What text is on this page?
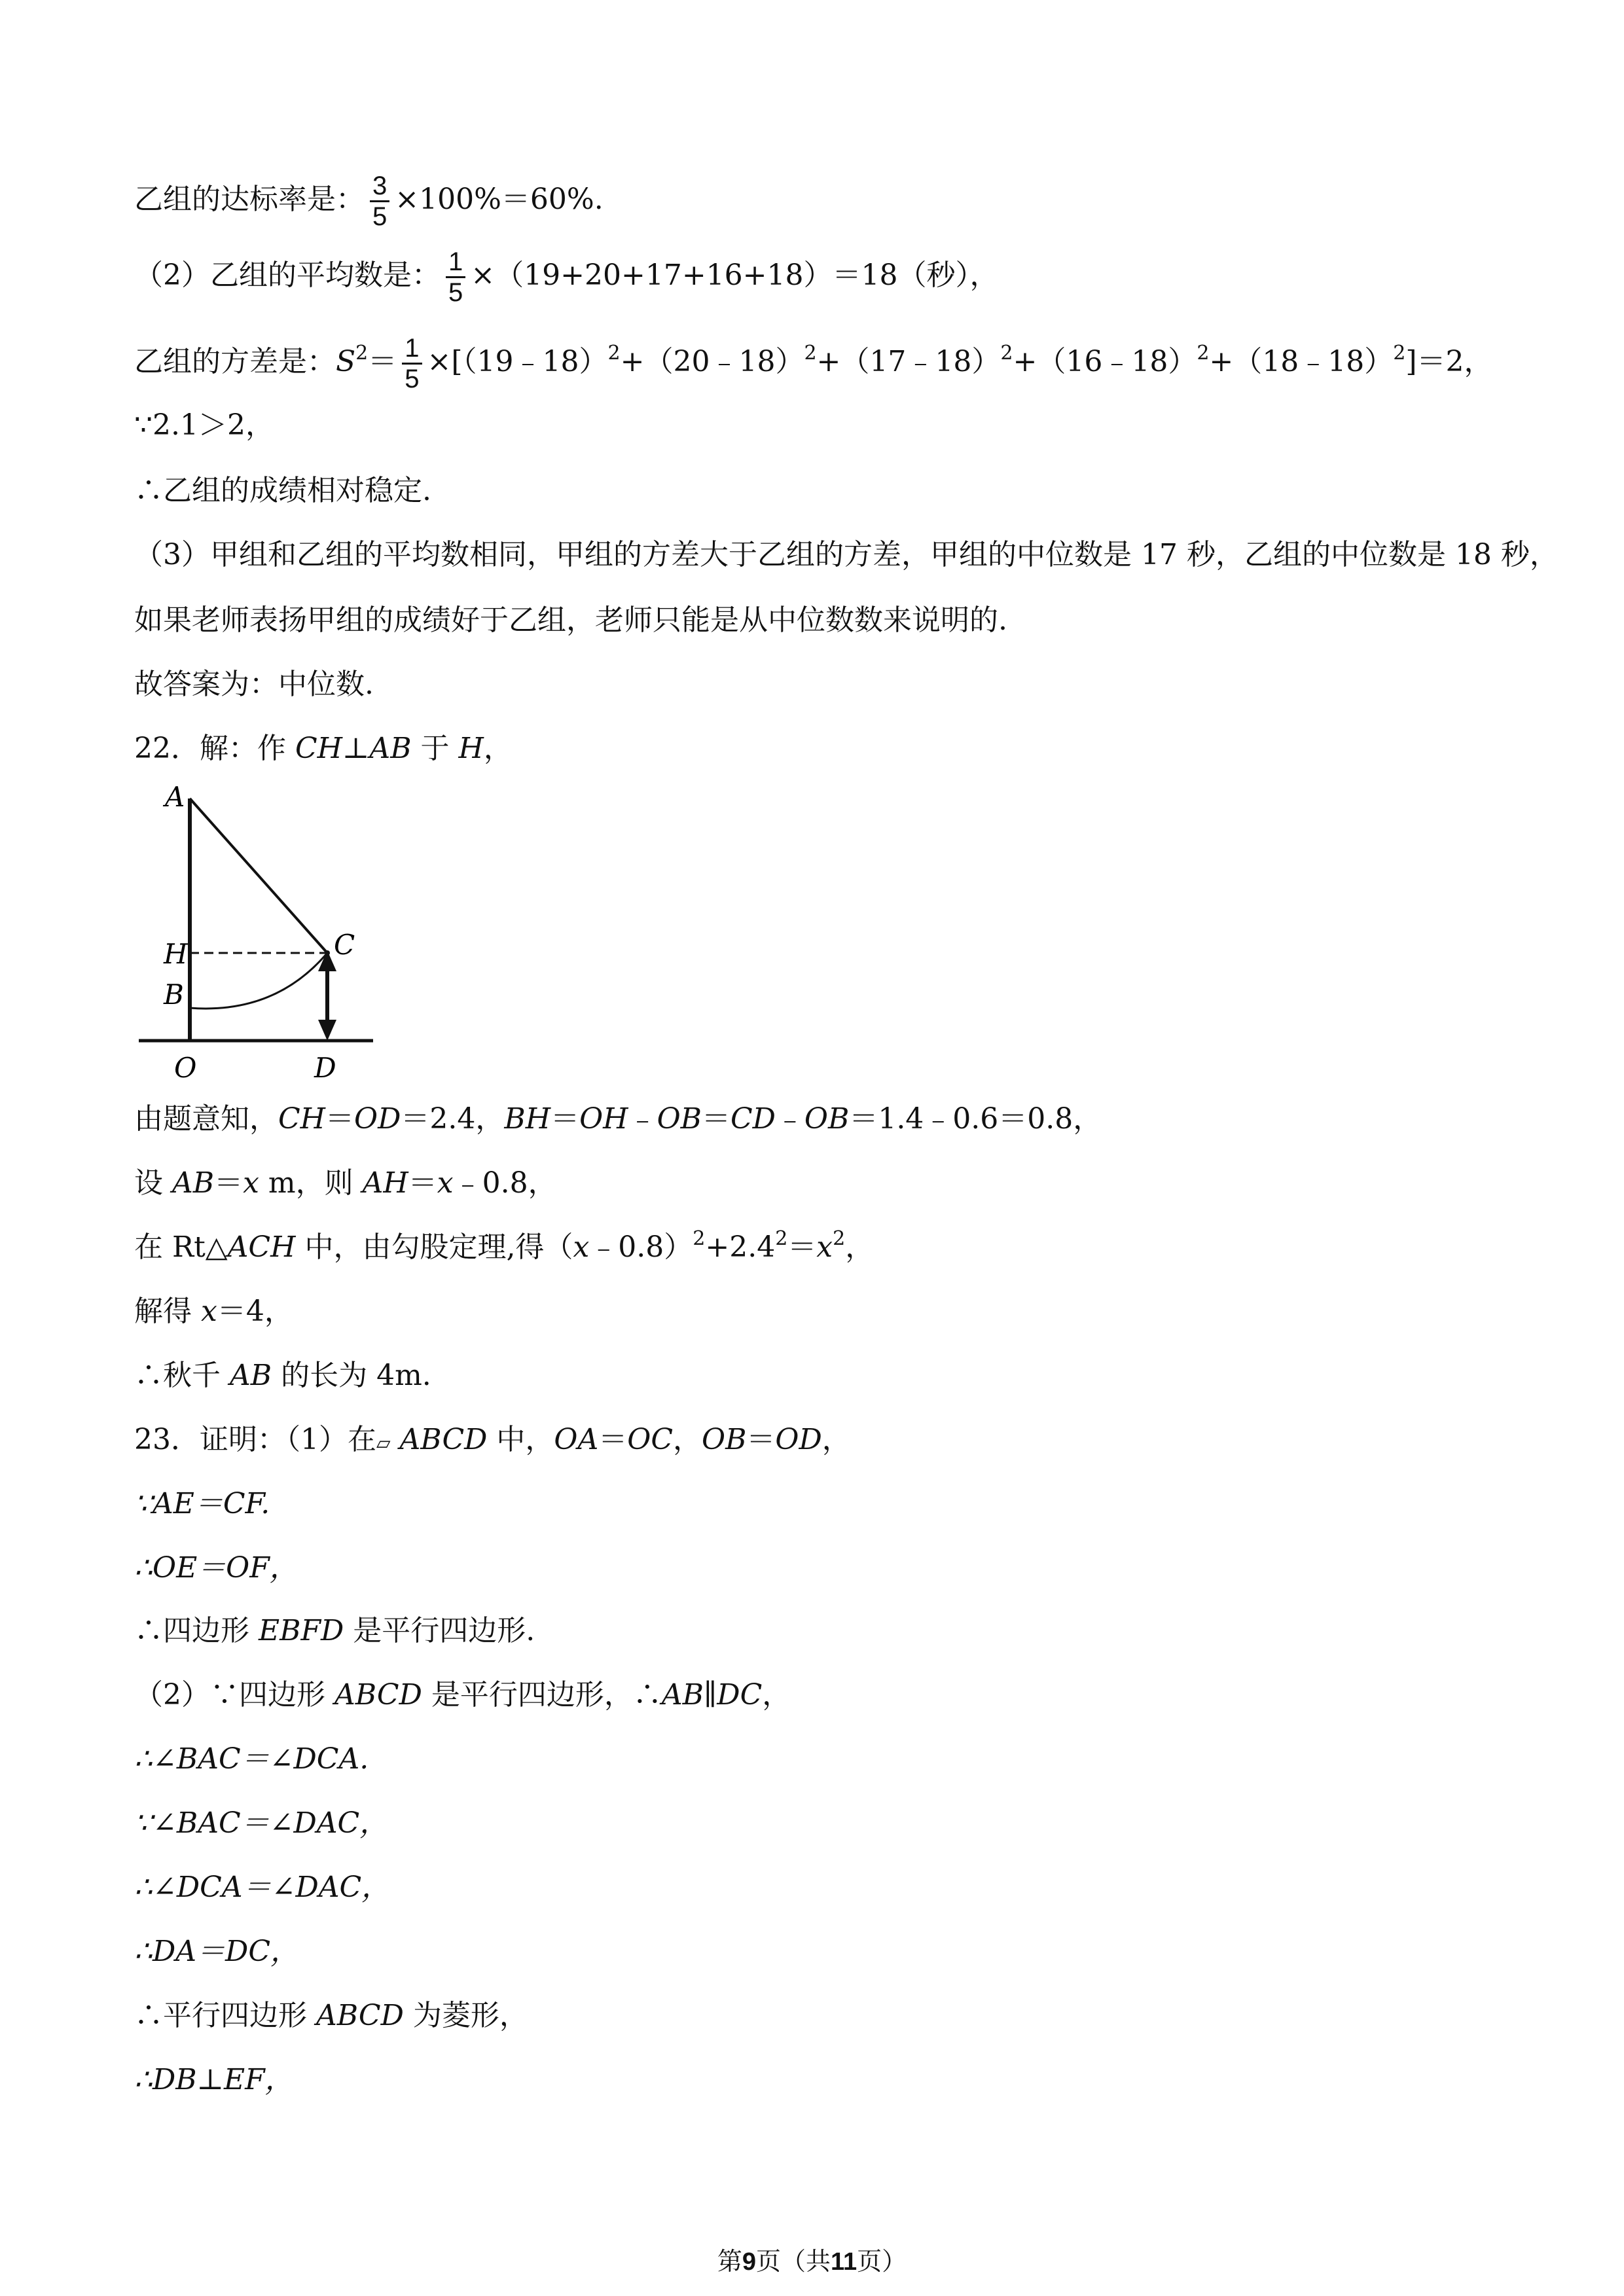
乙组的达标率是： $\frac{3}{5} \times 100\%=60\%$.
（2）乙组的平均数是： $\frac{1}{5} \times(19+20+17+16+18)=18$（秒），
乙组的方差是：$S^2= \frac{1}{5}$ ×[（19﹣18）$^2$+（20﹣18）$^2$+（17﹣18）$^2$+（16﹣18）$^2$+（18﹣18）$^2$]＝2，
∵2.1＞2，
∴乙组的成绩相对稳定.
（3）甲组和乙组的平均数相同，甲组的方差大于乙组的方差，甲组的中位数是 17 秒，乙组的中位数是 18 秒，
如果老师表扬甲组的成绩好于乙组，老师只能是从中位数数来说明的.
故答案为：中位数.
22．解：作 CH⊥AB 于 H，
A
H
B
O
C
D
由题意知，CH＝OD＝2.4，BH＝OH﹣OB＝CD﹣OB＝1.4﹣0.6＝0.8，
设 AB＝x m，则 AH＝x﹣0.8，
在 Rt△ACH 中，由勾股定理,得$(x﹣0.8)^2+2.4^2=x^2$，
解得 x＝4，
∴秋千 AB 的长为 4m.
23．证明：（1）在▱ ABCD 中，OA＝OC，OB＝OD，
∵AE＝CF.
∴OE＝OF，
∴四边形 EBFD 是平行四边形.
（2）∵四边形 ABCD 是平行四边形，∴AB∥DC，
∴∠BAC＝∠DCA.
∵∠BAC＝∠DAC，
∴∠DCA＝∠DAC，
∴DA＝DC，
∴平行四边形 ABCD 为菱形，
∴DB⊥EF，
第9页（共11页）
